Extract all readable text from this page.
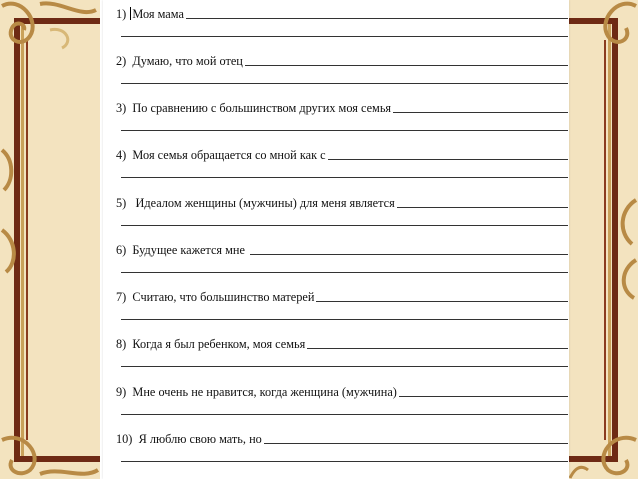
1) Моя мама
2) Думаю, что мой отец
3) По сравнению с большинством других моя семья
4) Моя семья обращается со мной как с
5) Идеалом женщины (мужчины) для меня является
6) Будущее кажется мне
7) Считаю, что большинство матерей
8) Когда я был ребенком, моя семья
9) Мне очень не нравится, когда женщина (мужчина)
10) Я люблю свою мать, но
